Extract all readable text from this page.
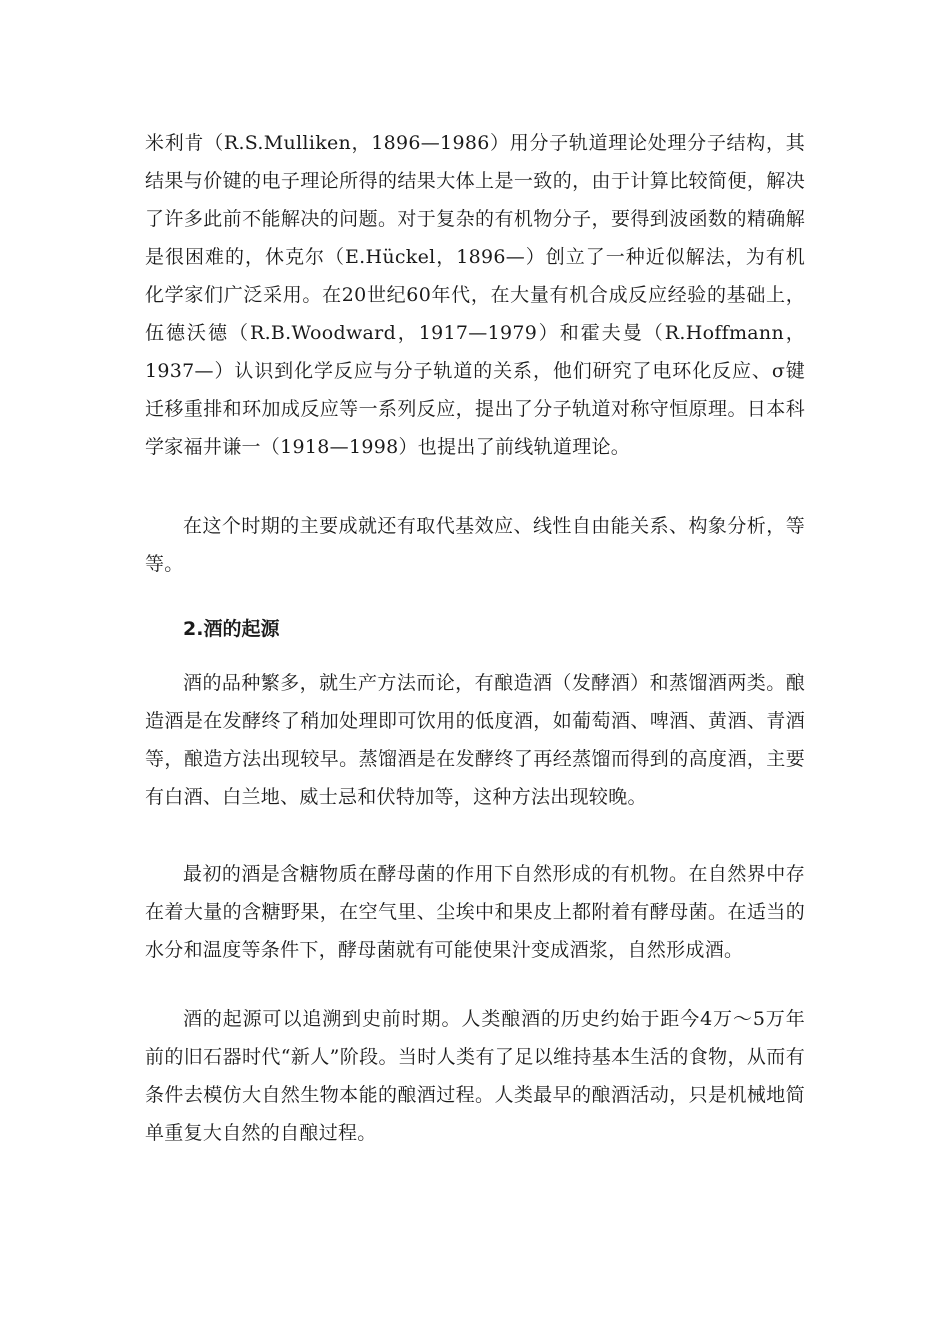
米利肯（R.S.Mulliken，1896—1986）用分子轨道理论处理分子结构，其结果与价键的电子理论所得的结果大体上是一致的，由于计算比较简便，解决了许多此前不能解决的问题。对于复杂的有机物分子，要得到波函数的精确解是很困难的，休克尔（E.Hückel，1896—）创立了一种近似解法，为有机化学家们广泛采用。在20世纪60年代，在大量有机合成反应经验的基础上，伍德沃德（R.B.Woodward，1917—1979）和霍夫曼（R.Hoffmann，1937—）认识到化学反应与分子轨道的关系，他们研究了电环化反应、σ键迁移重排和环加成反应等一系列反应，提出了分子轨道对称守恒原理。日本科学家福井谦一（1918—1998）也提出了前线轨道理论。

在这个时期的主要成就还有取代基效应、线性自由能关系、构象分析，等等。

2.酒的起源

酒的品种繁多，就生产方法而论，有酿造酒（发酵酒）和蒸馏酒两类。酿造酒是在发酵终了稍加处理即可饮用的低度酒，如葡萄酒、啤酒、黄酒、青酒等，酿造方法出现较早。蒸馏酒是在发酵终了再经蒸馏而得到的高度酒，主要有白酒、白兰地、威士忌和伏特加等，这种方法出现较晚。

最初的酒是含糖物质在酵母菌的作用下自然形成的有机物。在自然界中存在着大量的含糖野果，在空气里、尘埃中和果皮上都附着有酵母菌。在适当的水分和温度等条件下，酵母菌就有可能使果汁变成酒浆，自然形成酒。

酒的起源可以追溯到史前时期。人类酿酒的历史约始于距今4万～5万年前的旧石器时代“新人”阶段。当时人类有了足以维持基本生活的食物，从而有条件去模仿大自然生物本能的酿酒过程。人类最早的酿酒活动，只是机械地简单重复大自然的自酿过程。
